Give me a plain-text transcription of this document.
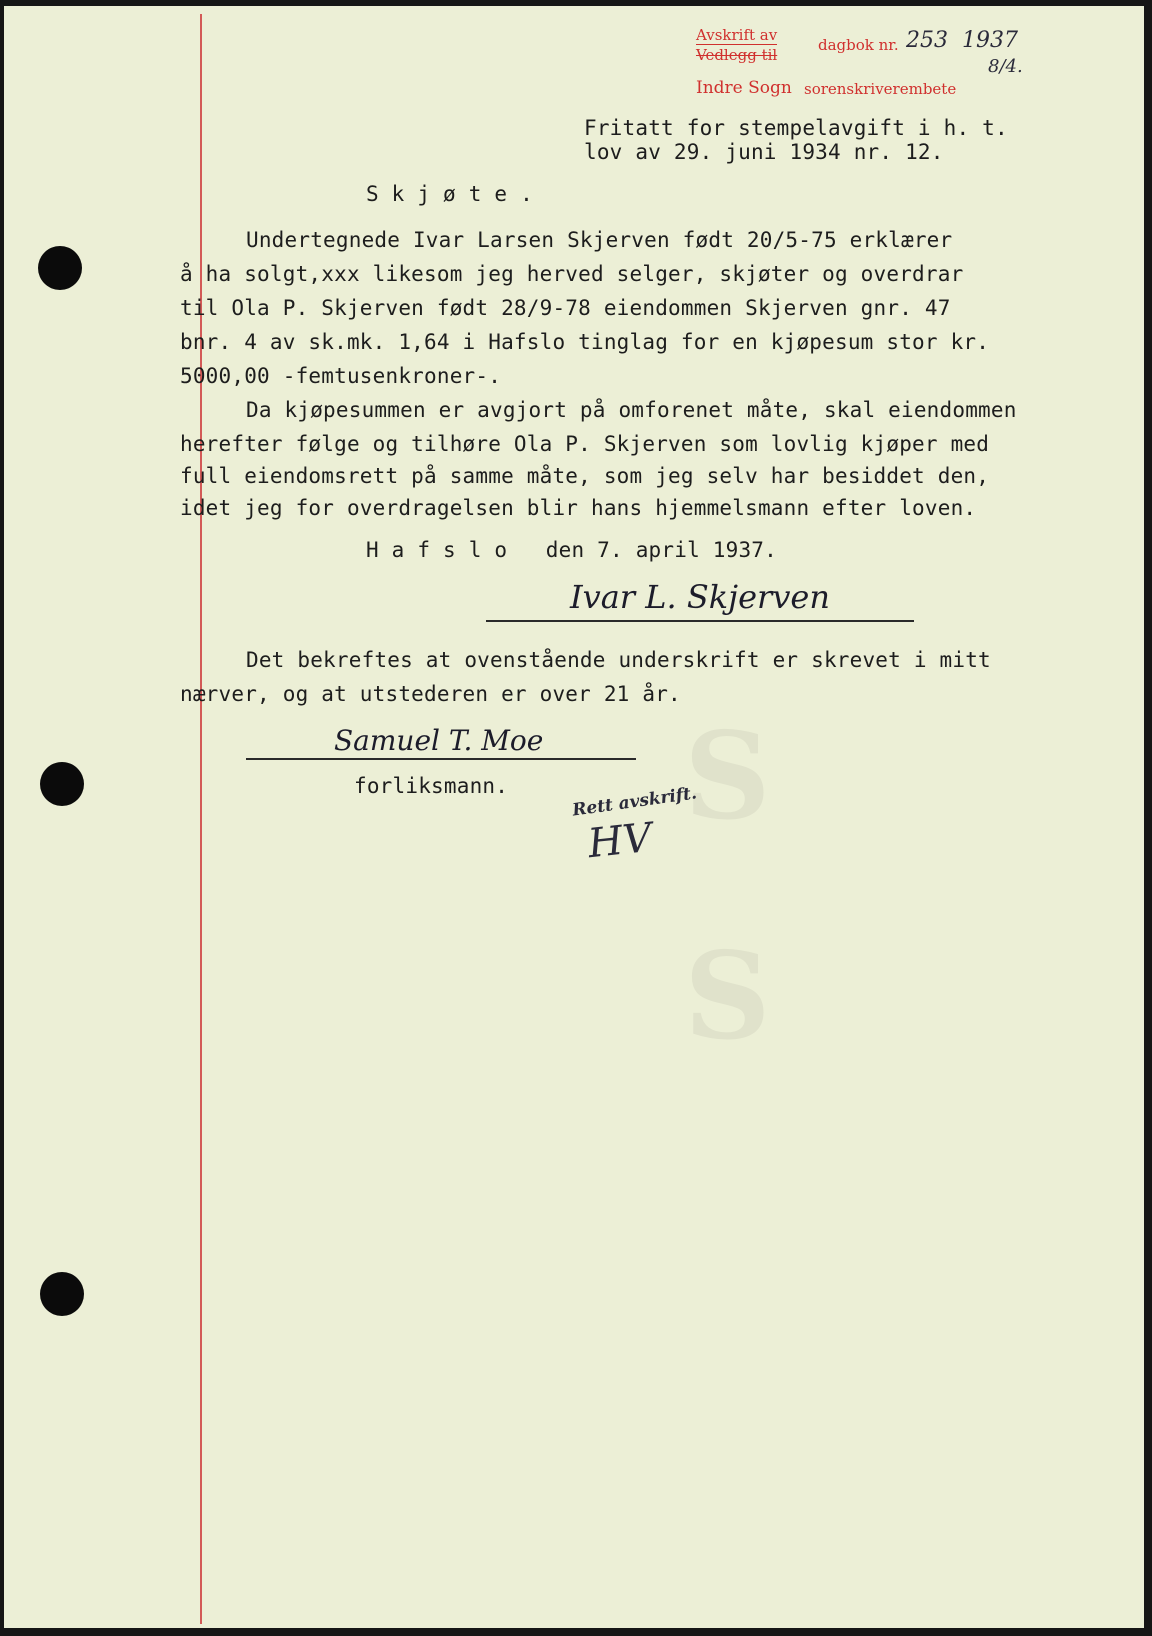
S
S
Avskrift av
Vedlegg til
dagbok nr. 253 1937
8/4.
Indre Sogn sorenskriverembete
Fritatt for stempelavgift i h. t.
lov av 29. juni 1934 nr. 12.
S k j ø t e .
Undertegnede Ivar Larsen Skjerven født 20/5-75 erklærer
å ha solgt,xxx likesom jeg herved selger, skjøter og overdrar
til Ola P. Skjerven født 28/9-78 eiendommen Skjerven gnr. 47
bnr. 4 av sk.mk. 1,64 i Hafslo tinglag for en kjøpesum stor kr.
5000,00 -femtusenkroner-.
Da kjøpesummen er avgjort på omforenet måte, skal eiendommen
herefter følge og tilhøre Ola P. Skjerven som lovlig kjøper med
full eiendomsrett på samme måte, som jeg selv har besiddet den,
idet jeg for overdragelsen blir hans hjemmelsmann efter loven.
H a f s l o   den 7. april 1937.
Ivar L. Skjerven
Det bekreftes at ovenstående underskrift er skrevet i mitt
nærver, og at utstederen er over 21 år.
Samuel T. Moe
forliksmann.	Rett avskrift.
HV
